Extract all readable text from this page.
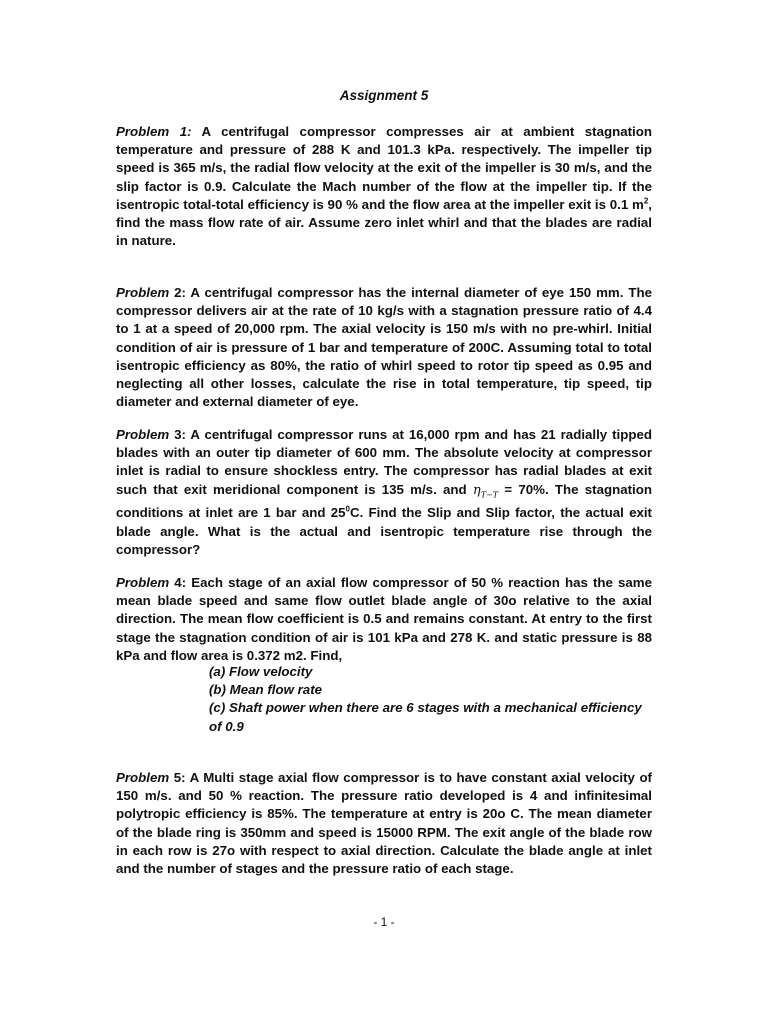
Assignment 5
Problem 1: A centrifugal compressor compresses air at ambient stagnation temperature and pressure of 288 K and 101.3 kPa. respectively. The impeller tip speed is 365 m/s, the radial flow velocity at the exit of the impeller is 30 m/s, and the slip factor is 0.9. Calculate the Mach number of the flow at the impeller tip. If the isentropic total-total efficiency is 90 % and the flow area at the impeller exit is 0.1 $m^2$, find the mass flow rate of air. Assume zero inlet whirl and that the blades are radial in nature.
Problem 2: A centrifugal compressor has the internal diameter of eye 150 mm. The compressor delivers air at the rate of 10 kg/s with a stagnation pressure ratio of 4.4 to 1 at a speed of 20,000 rpm. The axial velocity is 150 m/s with no pre-whirl. Initial condition of air is pressure of 1 bar and temperature of 200C. Assuming total to total isentropic efficiency as 80%, the ratio of whirl speed to rotor tip speed as 0.95 and neglecting all other losses, calculate the rise in total temperature, tip speed, tip diameter and external diameter of eye.
Problem 3: A centrifugal compressor runs at 16,000 rpm and has 21 radially tipped blades with an outer tip diameter of 600 mm. The absolute velocity at compressor inlet is radial to ensure shockless entry. The compressor has radial blades at exit such that exit meridional component is 135 m/s. and $\eta_{T-T} = 70\%$. The stagnation conditions at inlet are 1 bar and $25^0C$. Find the Slip and Slip factor, the actual exit blade angle. What is the actual and isentropic temperature rise through the compressor?
Problem 4: Each stage of an axial flow compressor of 50 % reaction has the same mean blade speed and same flow outlet blade angle of 30o relative to the axial direction. The mean flow coefficient is 0.5 and remains constant. At entry to the first stage the stagnation condition of air is 101 kPa and 278 K. and static pressure is 88 kPa and flow area is 0.372 m2. Find,

(a) Flow velocity

(b) Mean flow rate

(c) Shaft power when there are 6 stages with a mechanical efficiency of 0.9

Problem 5: A Multi stage axial flow compressor is to have constant axial velocity of 150 m/s. and 50 % reaction. The pressure ratio developed is 4 and infinitesimal polytropic efficiency is 85%. The temperature at entry is 20o C. The mean diameter of the blade ring is 350mm and speed is 15000 RPM. The exit angle of the blade row in each row is 27o with respect to axial direction. Calculate the blade angle at inlet and the number of stages and the pressure ratio of each stage.
- 1 -
